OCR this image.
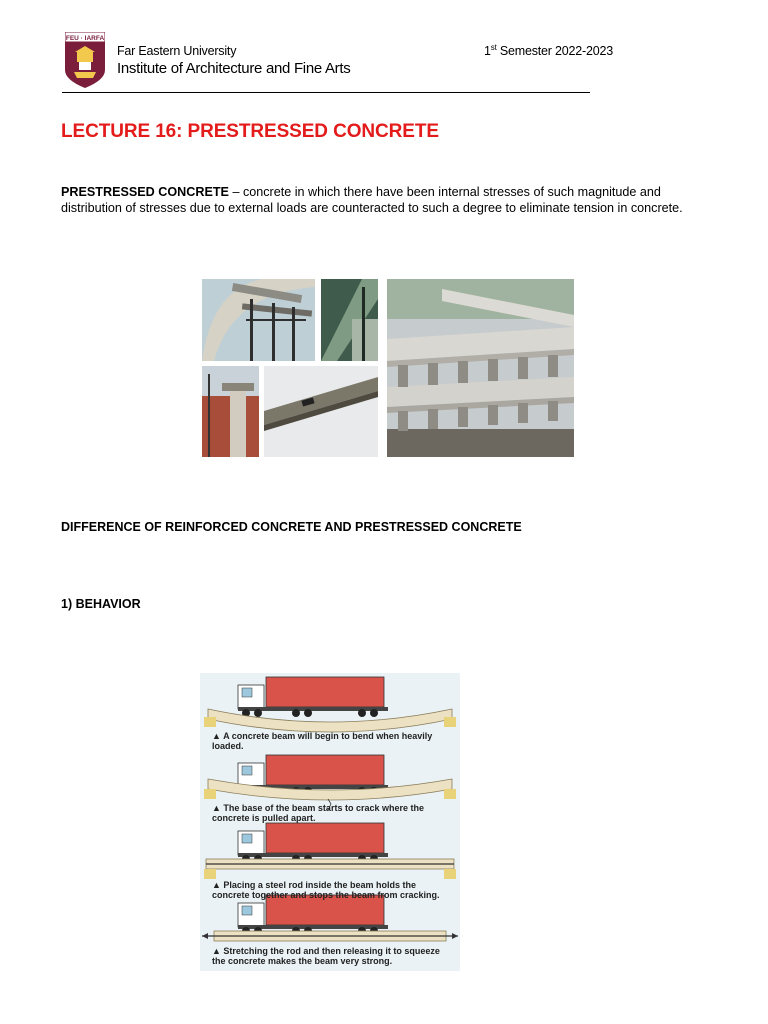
FEU · IARFA
Far Eastern University
Institute of Architecture and Fine Arts
1st Semester 2022-2023
LECTURE 16: PRESTRESSED CONCRETE
PRESTRESSED CONCRETE – concrete in which there have been internal stresses of such magnitude and distribution of stresses due to external loads are counteracted to such a degree to eliminate tension in concrete.
DIFFERENCE OF REINFORCED CONCRETE AND PRESTRESSED CONCRETE
1) BEHAVIOR
▲ A concrete beam will begin to bend when heavily loaded.
▲ The base of the beam starts to crack where the concrete is pulled apart.
▲ Placing a steel rod inside the beam holds the concrete together and stops the beam from cracking.
▲ Stretching the rod and then releasing it to squeeze the concrete makes the beam very strong.
